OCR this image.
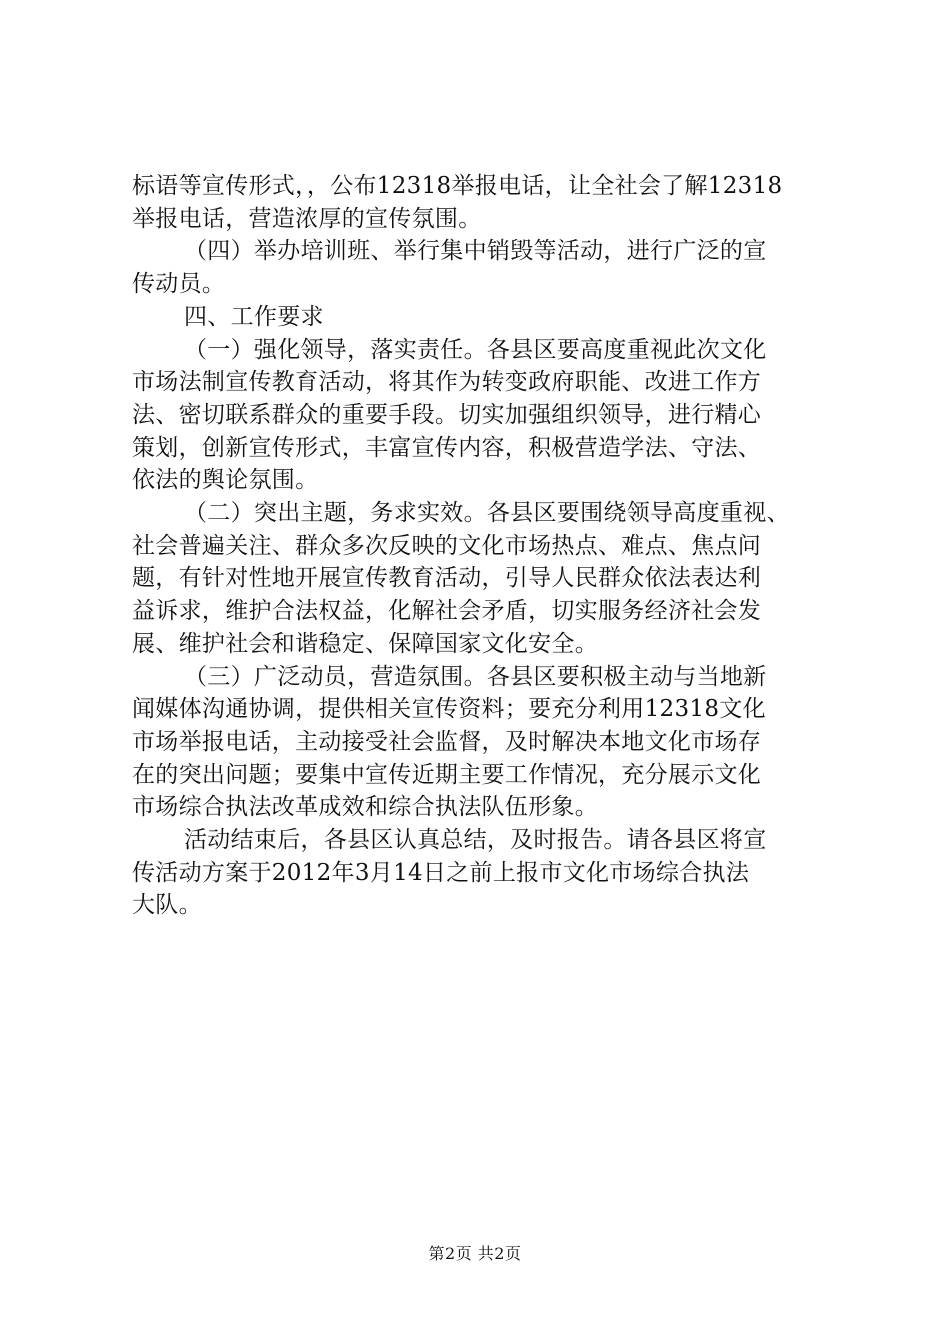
标语等宣传形式，，公布12318举报电话，让全社会了解12318
举报电话，营造浓厚的宣传氛围。
（四）举办培训班、举行集中销毁等活动，进行广泛的宣
传动员。
四、工作要求
（一）强化领导，落实责任。各县区要高度重视此次文化
市场法制宣传教育活动，将其作为转变政府职能、改进工作方
法、密切联系群众的重要手段。切实加强组织领导，进行精心
策划，创新宣传形式，丰富宣传内容，积极营造学法、守法、
依法的舆论氛围。
（二）突出主题，务求实效。各县区要围绕领导高度重视、
社会普遍关注、群众多次反映的文化市场热点、难点、焦点问
题，有针对性地开展宣传教育活动，引导人民群众依法表达利
益诉求，维护合法权益，化解社会矛盾，切实服务经济社会发
展、维护社会和谐稳定、保障国家文化安全。
（三）广泛动员，营造氛围。各县区要积极主动与当地新
闻媒体沟通协调，提供相关宣传资料；要充分利用12318文化
市场举报电话，主动接受社会监督，及时解决本地文化市场存
在的突出问题；要集中宣传近期主要工作情况，充分展示文化
市场综合执法改革成效和综合执法队伍形象。
活动结束后，各县区认真总结，及时报告。请各县区将宣
传活动方案于2012年3月14日之前上报市文化市场综合执法
大队。
第2页 共2页
